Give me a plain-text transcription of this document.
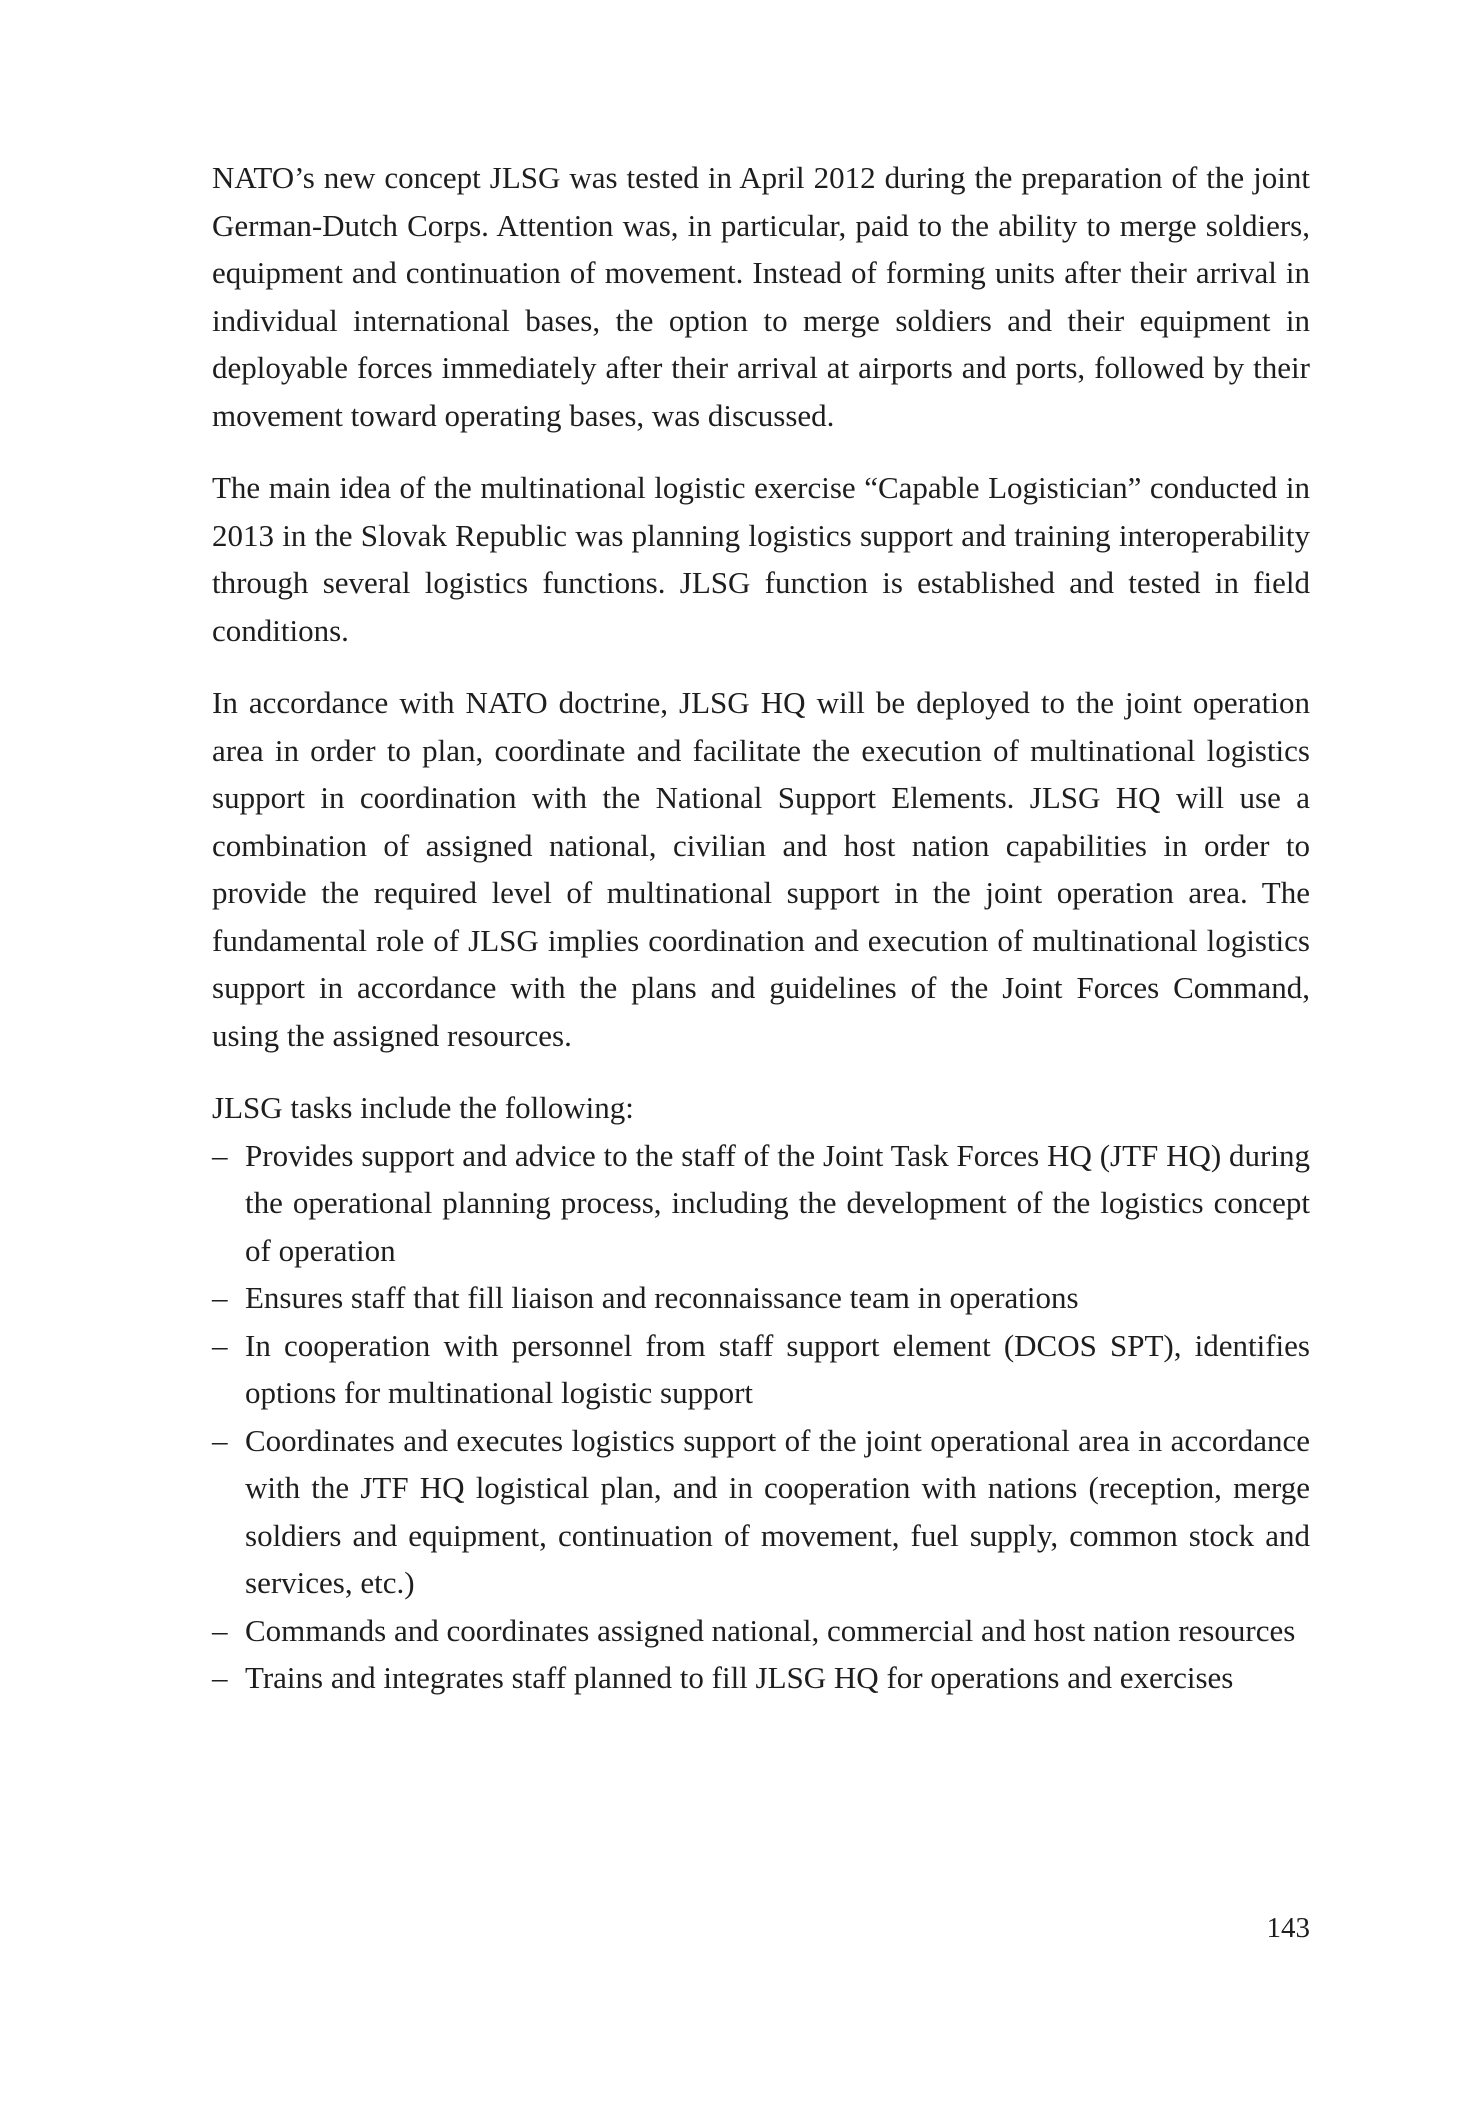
NATO’s new concept JLSG was tested in April 2012 during the preparation of the joint German-Dutch Corps. Attention was, in particular, paid to the ability to merge soldiers, equipment and continuation of movement. Instead of forming units after their arrival in individual international bases, the option to merge soldiers and their equipment in deployable forces immediately after their arrival at airports and ports, followed by their movement toward operating bases, was discussed.

The main idea of the multinational logistic exercise “Capable Logistician” conducted in 2013 in the Slovak Republic was planning logistics support and training interoperability through several logistics functions. JLSG function is established and tested in field conditions.

In accordance with NATO doctrine, JLSG HQ will be deployed to the joint operation area in order to plan, coordinate and facilitate the execution of multinational logistics support in coordination with the National Support Elements. JLSG HQ will use a combination of assigned national, civilian and host nation capabilities in order to provide the required level of multinational support in the joint operation area. The fundamental role of JLSG implies coordination and execution of multinational logistics support in accordance with the plans and guidelines of the Joint Forces Command, using the assigned resources.

JLSG tasks include the following:

– Provides support and advice to the staff of the Joint Task Forces HQ (JTF HQ) during the operational planning process, including the development of the logistics concept of operation
– Ensures staff that fill liaison and reconnaissance team in operations
– In cooperation with personnel from staff support element (DCOS SPT), identifies options for multinational logistic support
– Coordinates and executes logistics support of the joint operational area in accordance with the JTF HQ logistical plan, and in cooperation with nations (reception, merge soldiers and equipment, continuation of movement, fuel supply, common stock and services, etc.)
– Commands and coordinates assigned national, commercial and host nation resources
– Trains and integrates staff planned to fill JLSG HQ for operations and exercises
143
